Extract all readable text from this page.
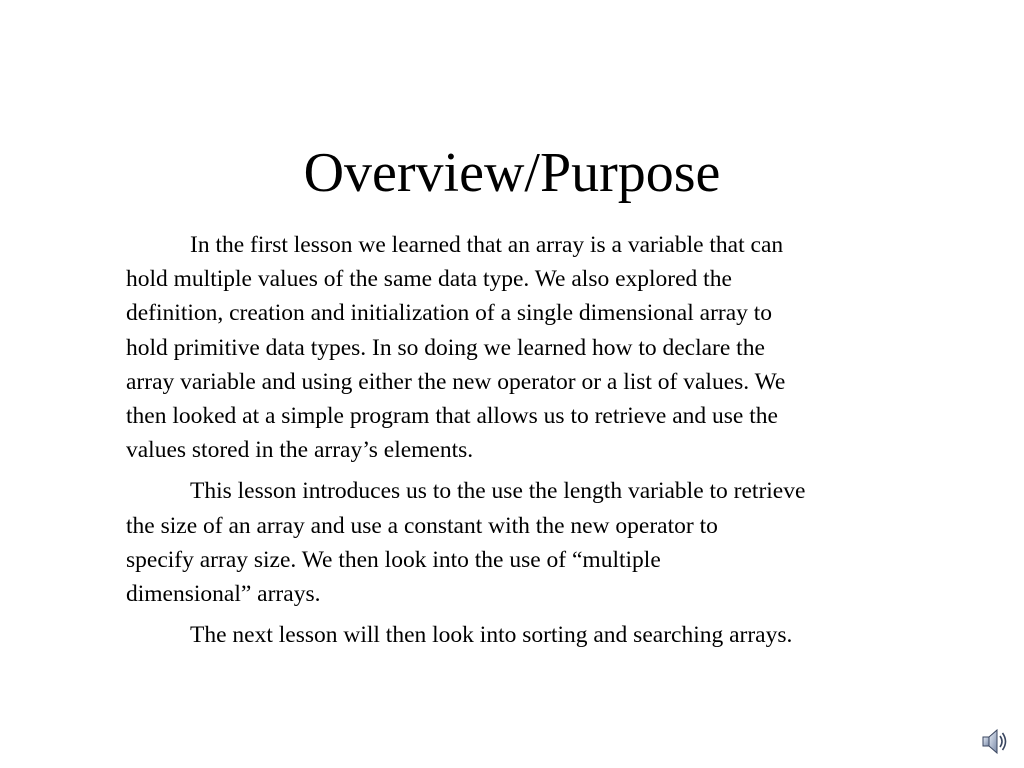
Overview/Purpose

In the first lesson we learned that an array is a variable that can
hold multiple values of the same data type. We also explored the
definition, creation and initialization of a single dimensional array to
hold primitive data types. In so doing we learned how to declare the
array variable and using either the new operator or a list of values. We
then looked at a simple program that allows us to retrieve and use the
values stored in the array’s elements.

This lesson introduces us to the use the length variable to retrieve
the size of an array and use a constant with the new operator to
specify array size. We then look into the use of “multiple
dimensional” arrays.

The next lesson will then look into sorting and searching arrays.
